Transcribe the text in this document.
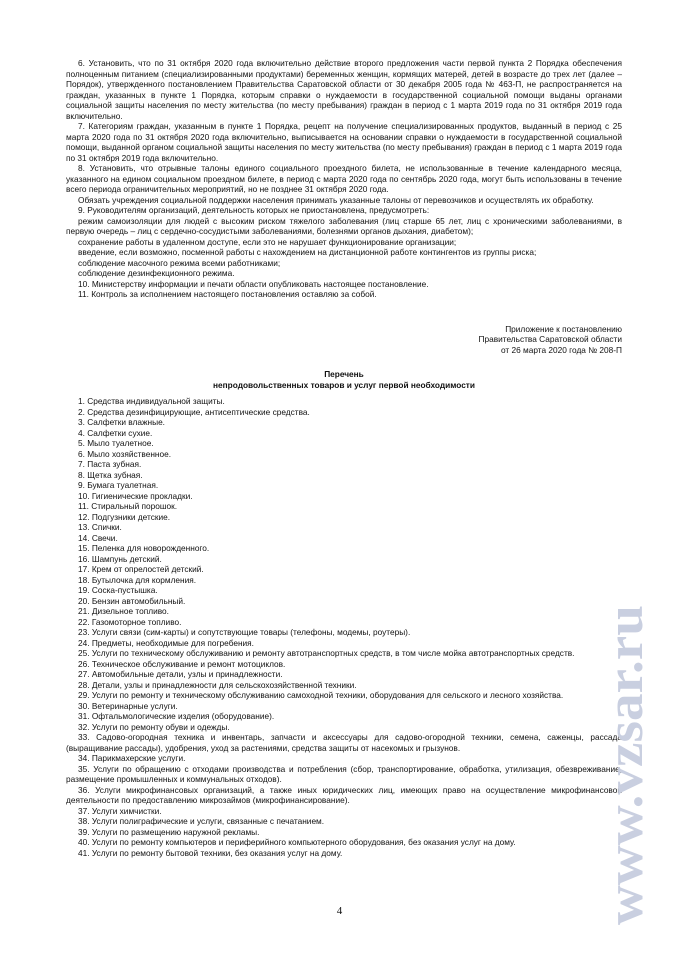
6. Установить, что по 31 октября 2020 года включительно действие второго предложения части первой пункта 2 Порядка обеспечения полноценным питанием (специализированными продуктами) беременных женщин, кормящих матерей, детей в возрасте до трех лет (далее – Порядок), утвержденного постановлением Правительства Саратовской области от 30 декабря 2005 года № 463-П, не распространяется на граждан, указанных в пункте 1 Порядка, которым справки о нуждаемости в государственной социальной помощи выданы органами социальной защиты населения по месту жительства (по месту пребывания) граждан в период с 1 марта 2019 года по 31 октября 2019 года включительно.

7. Категориям граждан, указанным в пункте 1 Порядка, рецепт на получение специализированных продуктов, выданный в период с 25 марта 2020 года по 31 октября 2020 года включительно, выписывается на основании справки о нуждаемости в государственной социальной помощи, выданной органом социальной защиты населения по месту жительства (по месту пребывания) граждан в период с 1 марта 2019 года по 31 октября 2019 года включительно.

8. Установить, что отрывные талоны единого социального проездного билета, не использованные в течение календарного месяца, указанного на едином социальном проездном билете, в период с марта 2020 года по сентябрь 2020 года, могут быть использованы в течение всего периода ограничительных мероприятий, но не позднее 31 октября 2020 года.

Обязать учреждения социальной поддержки населения принимать указанные талоны от перевозчиков и осуществлять их обработку.

9. Руководителям организаций, деятельность которых не приостановлена, предусмотреть:

режим самоизоляции для людей с высоким риском тяжелого заболевания (лиц старше 65 лет, лиц с хроническими заболеваниями, в первую очередь – лиц с сердечно-сосудистыми заболеваниями, болезнями органов дыхания, диабетом);

сохранение работы в удаленном доступе, если это не нарушает функционирование организации;

введение, если возможно, посменной работы с нахождением на дистанционной работе контингентов из группы риска;

соблюдение масочного режима всеми работниками;

соблюдение дезинфекционного режима.

10. Министерству информации и печати области опубликовать настоящее постановление.

11. Контроль за исполнением настоящего постановления оставляю за собой.

Приложение к постановлению
Правительства Саратовской области
от 26 марта 2020 года № 208-П
Перечень
непродовольственных товаров и услуг первой необходимости

1. Средства индивидуальной защиты.

2. Средства дезинфицирующие, антисептические средства.

3. Салфетки влажные.

4. Салфетки сухие.

5. Мыло туалетное.

6. Мыло хозяйственное.

7. Паста зубная.

8. Щетка зубная.

9. Бумага туалетная.

10. Гигиенические прокладки.

11. Стиральный порошок.

12. Подгузники детские.

13. Спички.

14. Свечи.

15. Пеленка для новорожденного.

16. Шампунь детский.

17. Крем от опрелостей детский.

18. Бутылочка для кормления.

19. Соска-пустышка.

20. Бензин автомобильный.

21. Дизельное топливо.

22. Газомоторное топливо.

23. Услуги связи (сим-карты) и сопутствующие товары (телефоны, модемы, роутеры).

24. Предметы, необходимые для погребения.

25. Услуги по техническому обслуживанию и ремонту автотранспортных средств, в том числе мойка автотранспортных средств.

26. Техническое обслуживание и ремонт мотоциклов.

27. Автомобильные детали, узлы и принадлежности.

28. Детали, узлы и принадлежности для сельскохозяйственной техники.

29. Услуги по ремонту и техническому обслуживанию самоходной техники, оборудования для сельского и лесного хозяйства.

30. Ветеринарные услуги.

31. Офтальмологические изделия (оборудование).

32. Услуги по ремонту обуви и одежды.

33. Садово-огородная техника и инвентарь, запчасти и аксессуары для садово-огородной техники, семена, саженцы, рассада (выращивание рассады), удобрения, уход за растениями, средства защиты от насекомых и грызунов.

34. Парикмахерские услуги.

35. Услуги по обращению с отходами производства и потребления (сбор, транспортирование, обработка, утилизация, обезвреживание, размещение промышленных и коммунальных отходов).

36. Услуги микрофинансовых организаций, а также иных юридических лиц, имеющих право на осуществление микрофинансовой деятельности по предоставлению микрозаймов (микрофинансирование).

37. Услуги химчистки.

38. Услуги полиграфические и услуги, связанные с печатанием.

39. Услуги по размещению наружной рекламы.

40. Услуги по ремонту компьютеров и периферийного компьютерного оборудования, без оказания услуг на дому.

41. Услуги по ремонту бытовой техники, без оказания услуг на дому.

4	www.vzsar.ru
